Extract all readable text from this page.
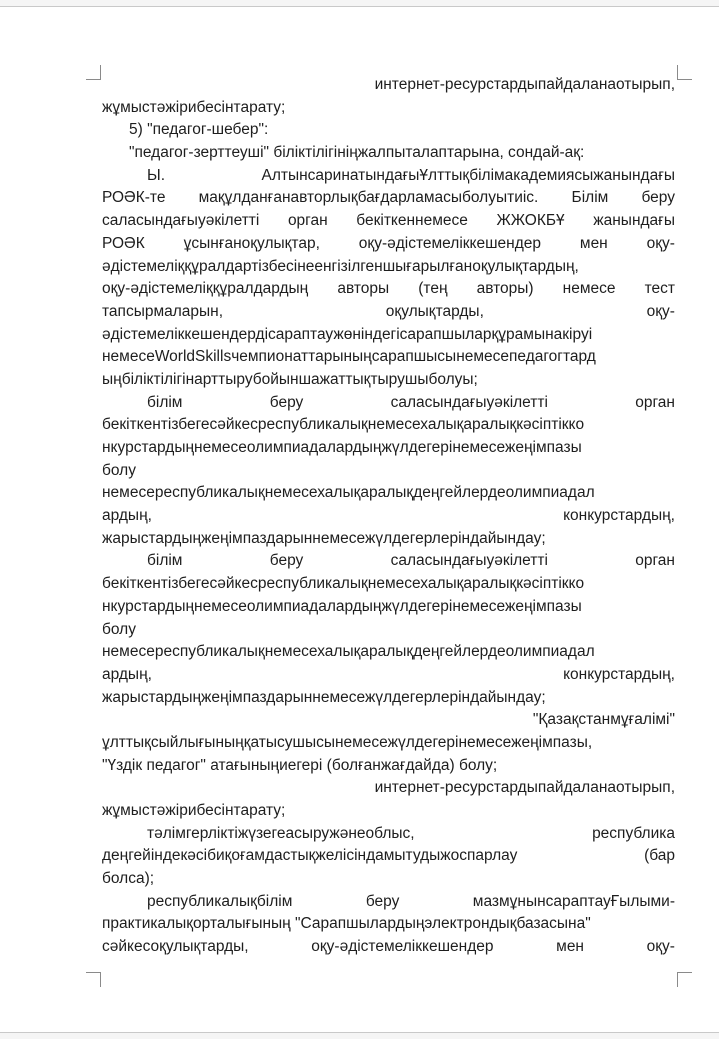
интернет-ресурстардыпайдаланаотырып,
жұмыстәжірибесінтарату;
5) "педагог-шебер":
"педагог-зерттеуші" біліктілігініңжалпыталаптарына, сондай-ақ:
Ы.	АлтынсаринатындағыҰлттықбілімакадемиясыжанындағы
РОӘК-те мақұлданғанавторлықбағдарламасыболуытиіс. Білім беру
саласындағыуәкілетті орган бекіткеннемесе ЖЖОКБҰ жанындағы
РОӘК	ұсынғаноқулықтар,	оқу-әдістемеліккешендер	мен	оқу-
әдістемеліққұралдартізбесінеенгізілгеншығарылғаноқулықтардың,
оқу-әдістемеліққұралдардың авторы (тең авторы) немесе тест
тапсырмаларын,	оқулықтарды,	оқу-
әдістемеліккешендердісараптаужөніндегісарапшыларқұрамынакіруі
немесеWorldSkillsчемпионаттарыныңсарапшысынемесепедагогтард
ыңбіліктілігінарттырубойыншажаттықтырушыболуы;
білім	беру	саласындағыуәкілетті	орган
бекіткентізбегесәйкесреспубликалықнемесехалықаралықкәсіптікко
нкурстардыңнемесеолимпиадалардыңжүлдегерінемесежеңімпазы
болу
немесереспубликалықнемесехалықаралықдеңгейлердеолимпиадал
ардың,	конкурстардың,
жарыстардыңжеңімпаздарыннемесежүлдегерлеріндайындау;
білім	беру	саласындағыуәкілетті	орган
бекіткентізбегесәйкесреспубликалықнемесехалықаралықкәсіптікко
нкурстардыңнемесеолимпиадалардыңжүлдегерінемесежеңімпазы
болу
немесереспубликалықнемесехалықаралықдеңгейлердеолимпиадал
ардың,	конкурстардың,
жарыстардыңжеңімпаздарыннемесежүлдегерлеріндайындау;
"Қазақстанмұғалімі"
ұлттықсыйлығыныңқатысушысынемесежүлдегерінемесежеңімпазы,
"Үздік педагог" атағыныңиегері (болғанжағдайда) болу;
интернет-ресурстардыпайдаланаотырып,
жұмыстәжірибесінтарату;
тәлімгерліктіжүзегеасыружәнеоблыс,	республика
деңгейіндекәсібиқоғамдастықжелісіндамытудыжоспарлау	(бар
болса);
республикалықбілім	беру	мазмұнынсараптауҒылыми-
практикалықорталығының "Сарапшылардыңэлектрондықбазасына"
сәйкесоқулықтарды,	оқу-әдістемеліккешендер	мен	оқу-
